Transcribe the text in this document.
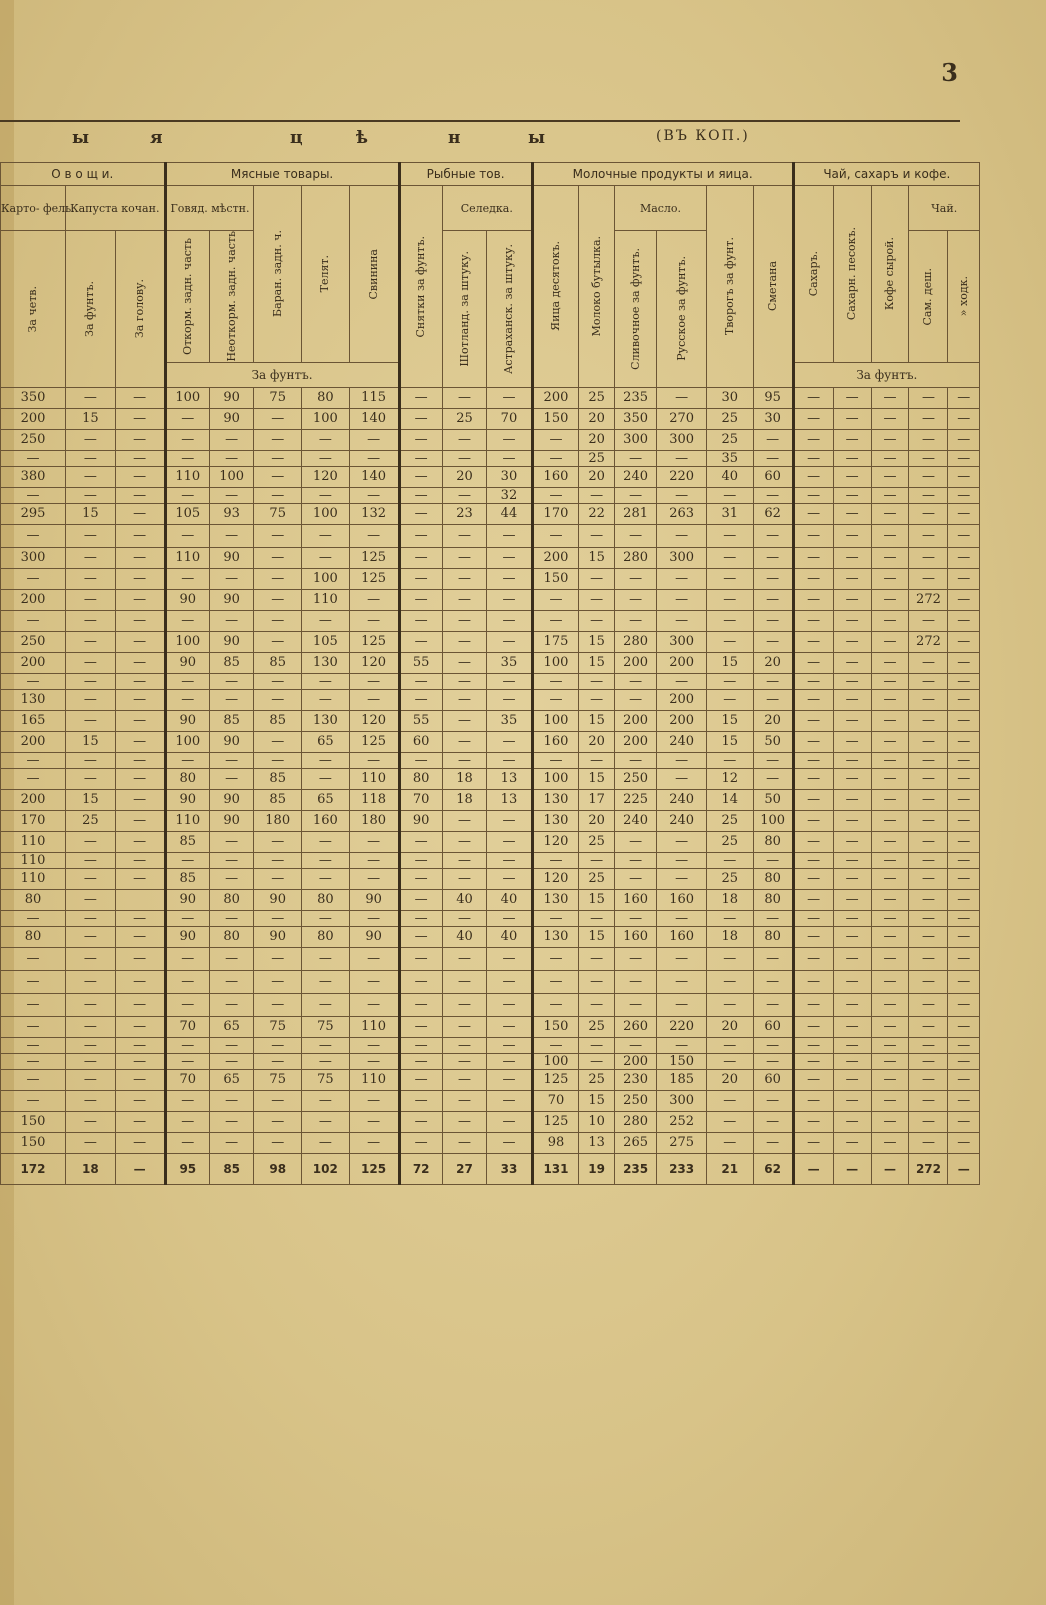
3
ы	я	ц	ѣ	н	ы	(ВЪ КОП.)
О в о щ и.			Мясные товары.					Рыбные тов.			Молочные продукты и яица.						Чай, сахаръ и кофе.				
Карто- фель.	Капуста кочан.		Говяд. мѣстн.		Баран. задн. ч.	Телят.	Свинина	Снятки за фунтъ.	Селедка.		Яица десятокъ.	Молоко бутылка.	Масло.		Творогъ за фунт.	Сметана	Сахаръ.	Сахарн. песокъ.	Кофе сырой.	Чай.	

За четв.	За фунтъ.	За голову.	Откорм. задн. часть	Неоткорм. задн. часть					Шотланд. за штуку.	Астраханск. за штуку.			Сливочное за фунтъ.	Русское за фунтъ.						Сам. деш.	» ходк.

			За фунтъ.														За фунтъ.				
350	—	—	100	90	75	80	115	—	—	—	200	25	235	—	30	95	—	—	—	—	—
200	15	—	—	90	—	100	140	—	25	70	150	20	350	270	25	30	—	—	—	—	—
250	—	—	—	—	—	—	—	—	—	—	—	20	300	300	25	—	—	—	—	—	—
—	—	—	—	—	—	—	—	—	—	—	—	25	—	—	35	—	—	—	—	—	—
380	—	—	110	100	—	120	140	—	20	30	160	20	240	220	40	60	—	—	—	—	—
—	—	—	—	—	—	—	—	—	—	32	—	—	—	—	—	—	—	—	—	—	—
295	15	—	105	93	75	100	132	—	23	44	170	22	281	263	31	62	—	—	—	—	—
—	—	—	—	—	—	—	—	—	—	—	—	—	—	—	—	—	—	—	—	—	—
300	—	—	110	90	—	—	125	—	—	—	200	15	280	300	—	—	—	—	—	—	—
—	—	—	—	—	—	100	125	—	—	—	150	—	—	—	—	—	—	—	—	—	—
200	—	—	90	90	—	110	—	—	—	—	—	—	—	—	—	—	—	—	—	272	—
—	—	—	—	—	—	—	—	—	—	—	—	—	—	—	—	—	—	—	—	—	—
250	—	—	100	90	—	105	125	—	—	—	175	15	280	300	—	—	—	—	—	272	—
200	—	—	90	85	85	130	120	55	—	35	100	15	200	200	15	20	—	—	—	—	—
—	—	—	—	—	—	—	—	—	—	—	—	—	—	—	—	—	—	—	—	—	—
130	—	—	—	—	—	—	—	—	—	—	—	—	—	200	—	—	—	—	—	—	—
165	—	—	90	85	85	130	120	55	—	35	100	15	200	200	15	20	—	—	—	—	—
200	15	—	100	90	—	65	125	60	—	—	160	20	200	240	15	50	—	—	—	—	—
—	—	—	—	—	—	—	—	—	—	—	—	—	—	—	—	—	—	—	—	—	—
—	—	—	80	—	85	—	110	80	18	13	100	15	250	—	12	—	—	—	—	—	—
200	15	—	90	90	85	65	118	70	18	13	130	17	225	240	14	50	—	—	—	—	—
170	25	—	110	90	180	160	180	90	—	—	130	20	240	240	25	100	—	—	—	—	—
110	—	—	85	—	—	—	—	—	—	—	120	25	—	—	25	80	—	—	—	—	—
110	—	—	—	—	—	—	—	—	—	—	—	—	—	—	—	—	—	—	—	—	—
110	—	—	85	—	—	—	—	—	—	—	120	25	—	—	25	80	—	—	—	—	—
80	—		90	80	90	80	90	—	40	40	130	15	160	160	18	80	—	—	—	—	—
—	—	—	—	—	—	—	—	—	—	—	—	—	—	—	—	—	—	—	—	—	—
80	—	—	90	80	90	80	90	—	40	40	130	15	160	160	18	80	—	—	—	—	—
—	—	—	—	—	—	—	—	—	—	—	—	—	—	—	—	—	—	—	—	—	—
—	—	—	—	—	—	—	—	—	—	—	—	—	—	—	—	—	—	—	—	—	—
—	—	—	—	—	—	—	—	—	—	—	—	—	—	—	—	—	—	—	—	—	—
—	—	—	70	65	75	75	110	—	—	—	150	25	260	220	20	60	—	—	—	—	—
—	—	—	—	—	—	—	—	—	—	—	—	—	—	—	—	—	—	—	—	—	—
—	—	—	—	—	—	—	—	—	—	—	100	—	200	150	—	—	—	—	—	—	—
—	—	—	70	65	75	75	110	—	—	—	125	25	230	185	20	60	—	—	—	—	—
—	—	—	—	—	—	—	—	—	—	—	70	15	250	300	—	—	—	—	—	—	—
150	—	—	—	—	—	—	—	—	—	—	125	10	280	252	—	—	—	—	—	—	—
150	—	—	—	—	—	—	—	—	—	—	98	13	265	275	—	—	—	—	—	—	—
172	18	—	95	85	98	102	125	72	27	33	131	19	235	233	21	62	—	—	—	272	—
